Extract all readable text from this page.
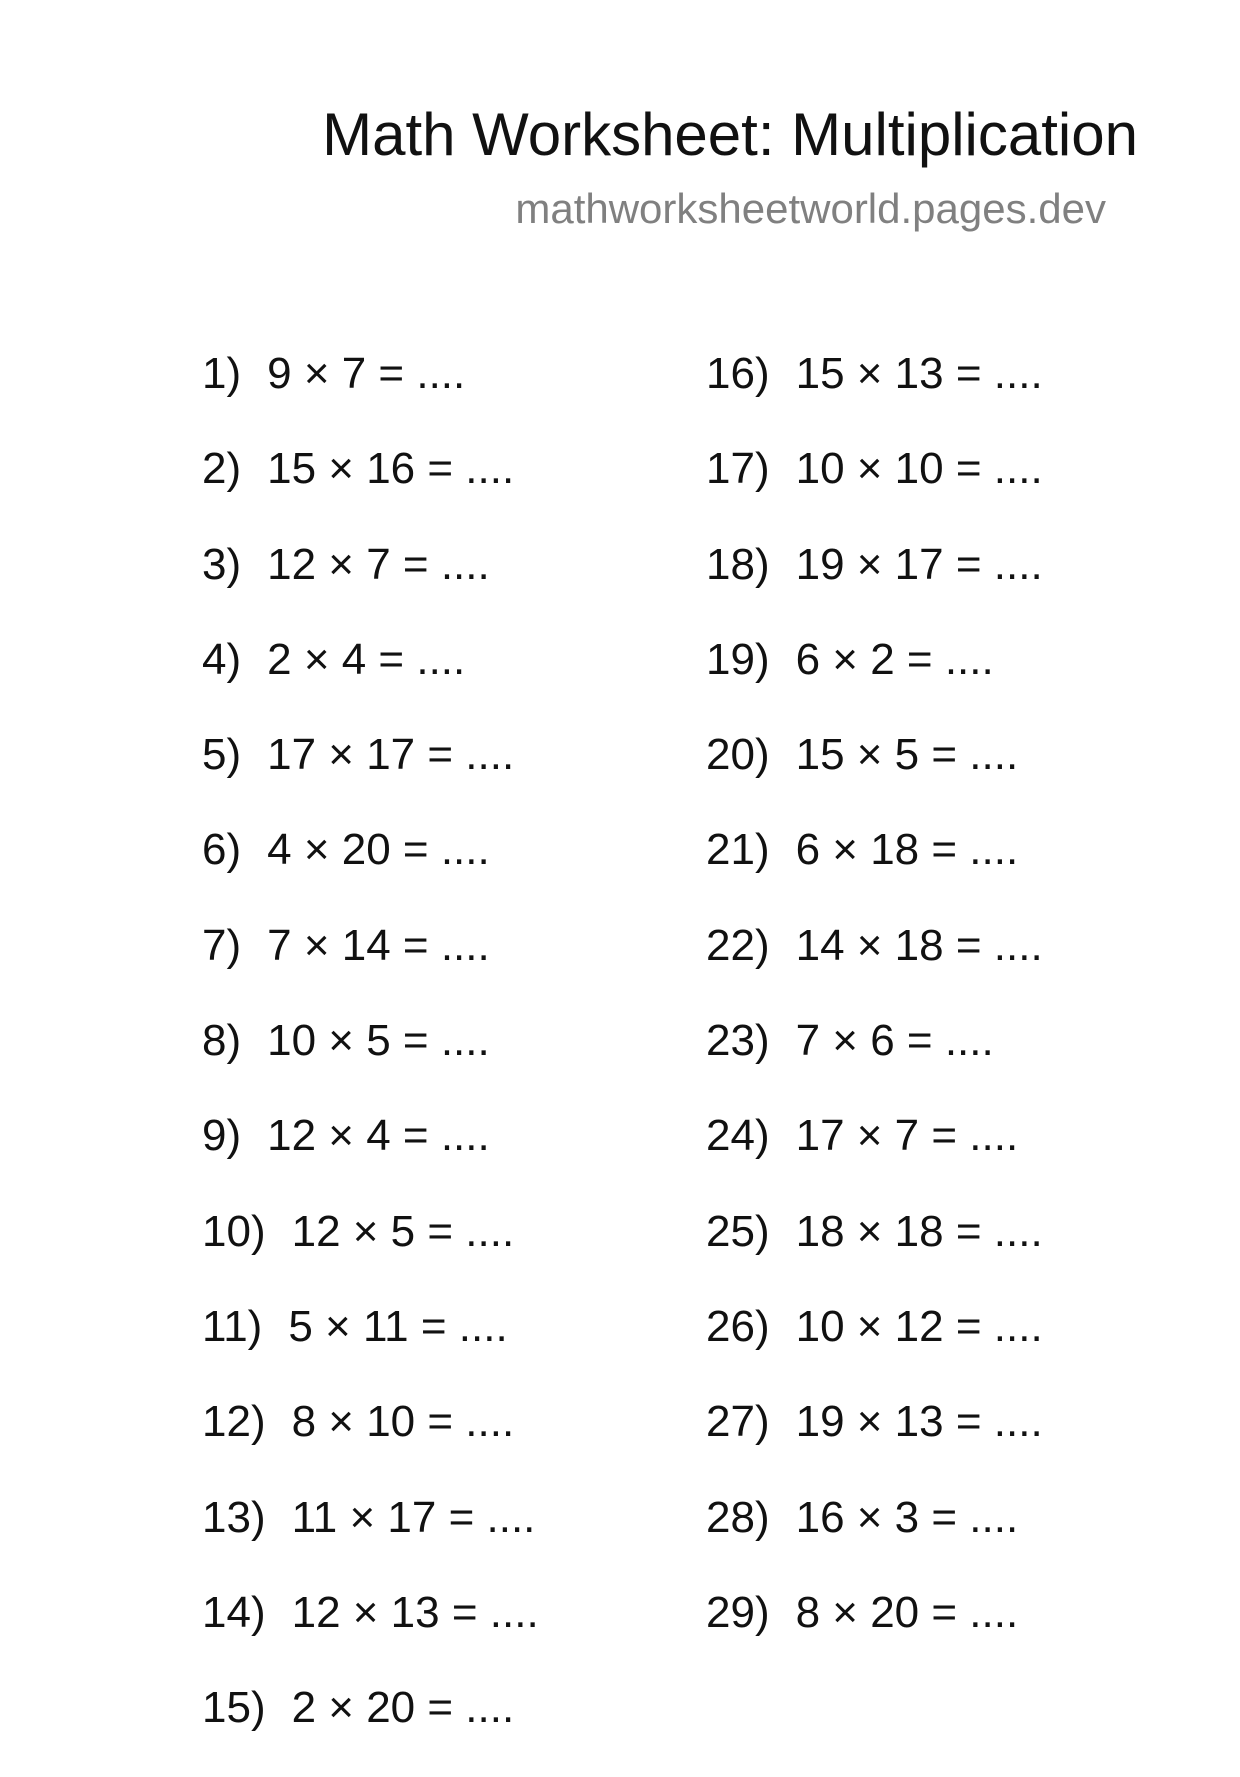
Math Worksheet: Multiplication
mathworksheetworld.pages.dev
1) 9 × 7 = ....
2) 15 × 16 = ....
3) 12 × 7 = ....
4) 2 × 4 = ....
5) 17 × 17 = ....
6) 4 × 20 = ....
7) 7 × 14 = ....
8) 10 × 5 = ....
9) 12 × 4 = ....
10) 12 × 5 = ....
11) 5 × 11 = ....
12) 8 × 10 = ....
13) 11 × 17 = ....
14) 12 × 13 = ....
15) 2 × 20 = ....
16) 15 × 13 = ....
17) 10 × 10 = ....
18) 19 × 17 = ....
19) 6 × 2 = ....
20) 15 × 5 = ....
21) 6 × 18 = ....
22) 14 × 18 = ....
23) 7 × 6 = ....
24) 17 × 7 = ....
25) 18 × 18 = ....
26) 10 × 12 = ....
27) 19 × 13 = ....
28) 16 × 3 = ....
29) 8 × 20 = ....
